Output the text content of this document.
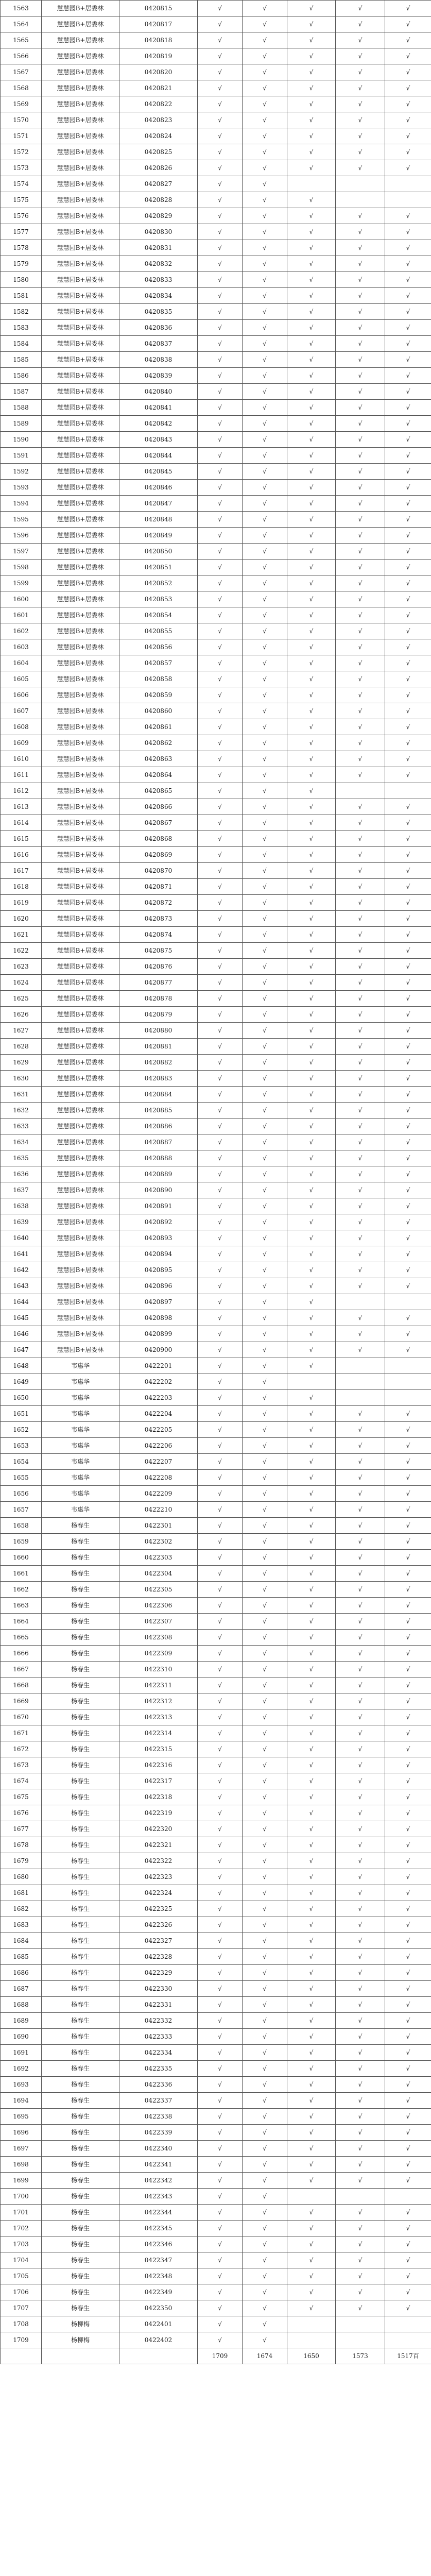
1563	慧慧园B+居委林	0420815	√	√	√	√	√
1564	慧慧园B+居委林	0420817	√	√	√	√	√
1565	慧慧园B+居委林	0420818	√	√	√	√	√
1566	慧慧园B+居委林	0420819	√	√	√	√	√
1567	慧慧园B+居委林	0420820	√	√	√	√	√
1568	慧慧园B+居委林	0420821	√	√	√	√	√
1569	慧慧园B+居委林	0420822	√	√	√	√	√
1570	慧慧园B+居委林	0420823	√	√	√	√	√
1571	慧慧园B+居委林	0420824	√	√	√	√	√
1572	慧慧园B+居委林	0420825	√	√	√	√	√
1573	慧慧园B+居委林	0420826	√	√	√	√	√
1574	慧慧园B+居委林	0420827	√	√			
1575	慧慧园B+居委林	0420828	√	√	√		
1576	慧慧园B+居委林	0420829	√	√	√	√	√
1577	慧慧园B+居委林	0420830	√	√	√	√	√
1578	慧慧园B+居委林	0420831	√	√	√	√	√
1579	慧慧园B+居委林	0420832	√	√	√	√	√
1580	慧慧园B+居委林	0420833	√	√	√	√	√
1581	慧慧园B+居委林	0420834	√	√	√	√	√
1582	慧慧园B+居委林	0420835	√	√	√	√	√
1583	慧慧园B+居委林	0420836	√	√	√	√	√
1584	慧慧园B+居委林	0420837	√	√	√	√	√
1585	慧慧园B+居委林	0420838	√	√	√	√	√
1586	慧慧园B+居委林	0420839	√	√	√	√	√
1587	慧慧园B+居委林	0420840	√	√	√	√	√
1588	慧慧园B+居委林	0420841	√	√	√	√	√
1589	慧慧园B+居委林	0420842	√	√	√	√	√
1590	慧慧园B+居委林	0420843	√	√	√	√	√
1591	慧慧园B+居委林	0420844	√	√	√	√	√
1592	慧慧园B+居委林	0420845	√	√	√	√	√
1593	慧慧园B+居委林	0420846	√	√	√	√	√
1594	慧慧园B+居委林	0420847	√	√	√	√	√
1595	慧慧园B+居委林	0420848	√	√	√	√	√
1596	慧慧园B+居委林	0420849	√	√	√	√	√
1597	慧慧园B+居委林	0420850	√	√	√	√	√
1598	慧慧园B+居委林	0420851	√	√	√	√	√
1599	慧慧园B+居委林	0420852	√	√	√	√	√
1600	慧慧园B+居委林	0420853	√	√	√	√	√
1601	慧慧园B+居委林	0420854	√	√	√	√	√
1602	慧慧园B+居委林	0420855	√	√	√	√	√
1603	慧慧园B+居委林	0420856	√	√	√	√	√
1604	慧慧园B+居委林	0420857	√	√	√	√	√
1605	慧慧园B+居委林	0420858	√	√	√	√	√
1606	慧慧园B+居委林	0420859	√	√	√	√	√
1607	慧慧园B+居委林	0420860	√	√	√	√	√
1608	慧慧园B+居委林	0420861	√	√	√	√	√
1609	慧慧园B+居委林	0420862	√	√	√	√	√
1610	慧慧园B+居委林	0420863	√	√	√	√	√
1611	慧慧园B+居委林	0420864	√	√	√	√	√
1612	慧慧园B+居委林	0420865	√	√	√		
1613	慧慧园B+居委林	0420866	√	√	√	√	√
1614	慧慧园B+居委林	0420867	√	√	√	√	√
1615	慧慧园B+居委林	0420868	√	√	√	√	√
1616	慧慧园B+居委林	0420869	√	√	√	√	√
1617	慧慧园B+居委林	0420870	√	√	√	√	√
1618	慧慧园B+居委林	0420871	√	√	√	√	√
1619	慧慧园B+居委林	0420872	√	√	√	√	√
1620	慧慧园B+居委林	0420873	√	√	√	√	√
1621	慧慧园B+居委林	0420874	√	√	√	√	√
1622	慧慧园B+居委林	0420875	√	√	√	√	√
1623	慧慧园B+居委林	0420876	√	√	√	√	√
1624	慧慧园B+居委林	0420877	√	√	√	√	√
1625	慧慧园B+居委林	0420878	√	√	√	√	√
1626	慧慧园B+居委林	0420879	√	√	√	√	√
1627	慧慧园B+居委林	0420880	√	√	√	√	√
1628	慧慧园B+居委林	0420881	√	√	√	√	√
1629	慧慧园B+居委林	0420882	√	√	√	√	√
1630	慧慧园B+居委林	0420883	√	√	√	√	√
1631	慧慧园B+居委林	0420884	√	√	√	√	√
1632	慧慧园B+居委林	0420885	√	√	√	√	√
1633	慧慧园B+居委林	0420886	√	√	√	√	√
1634	慧慧园B+居委林	0420887	√	√	√	√	√
1635	慧慧园B+居委林	0420888	√	√	√	√	√
1636	慧慧园B+居委林	0420889	√	√	√	√	√
1637	慧慧园B+居委林	0420890	√	√	√	√	√
1638	慧慧园B+居委林	0420891	√	√	√	√	√
1639	慧慧园B+居委林	0420892	√	√	√	√	√
1640	慧慧园B+居委林	0420893	√	√	√	√	√
1641	慧慧园B+居委林	0420894	√	√	√	√	√
1642	慧慧园B+居委林	0420895	√	√	√	√	√
1643	慧慧园B+居委林	0420896	√	√	√	√	√
1644	慧慧园B+居委林	0420897	√	√	√		
1645	慧慧园B+居委林	0420898	√	√	√	√	√
1646	慧慧园B+居委林	0420899	√	√	√	√	√
1647	慧慧园B+居委林	0420900	√	√	√	√	√
1648	韦惠华	0422201	√	√	√		
1649	韦惠华	0422202	√	√			
1650	韦惠华	0422203	√	√	√		
1651	韦惠华	0422204	√	√	√	√	√
1652	韦惠华	0422205	√	√	√	√	√
1653	韦惠华	0422206	√	√	√	√	√
1654	韦惠华	0422207	√	√	√	√	√
1655	韦惠华	0422208	√	√	√	√	√
1656	韦惠华	0422209	√	√	√	√	√
1657	韦惠华	0422210	√	√	√	√	√
1658	杨春生	0422301	√	√	√	√	√
1659	杨春生	0422302	√	√	√	√	√
1660	杨春生	0422303	√	√	√	√	√
1661	杨春生	0422304	√	√	√	√	√
1662	杨春生	0422305	√	√	√	√	√
1663	杨春生	0422306	√	√	√	√	√
1664	杨春生	0422307	√	√	√	√	√
1665	杨春生	0422308	√	√	√	√	√
1666	杨春生	0422309	√	√	√	√	√
1667	杨春生	0422310	√	√	√	√	√
1668	杨春生	0422311	√	√	√	√	√
1669	杨春生	0422312	√	√	√	√	√
1670	杨春生	0422313	√	√	√	√	√
1671	杨春生	0422314	√	√	√	√	√
1672	杨春生	0422315	√	√	√	√	√
1673	杨春生	0422316	√	√	√	√	√
1674	杨春生	0422317	√	√	√	√	√
1675	杨春生	0422318	√	√	√	√	√
1676	杨春生	0422319	√	√	√	√	√
1677	杨春生	0422320	√	√	√	√	√
1678	杨春生	0422321	√	√	√	√	√
1679	杨春生	0422322	√	√	√	√	√
1680	杨春生	0422323	√	√	√	√	√
1681	杨春生	0422324	√	√	√	√	√
1682	杨春生	0422325	√	√	√	√	√
1683	杨春生	0422326	√	√	√	√	√
1684	杨春生	0422327	√	√	√	√	√
1685	杨春生	0422328	√	√	√	√	√
1686	杨春生	0422329	√	√	√	√	√
1687	杨春生	0422330	√	√	√	√	√
1688	杨春生	0422331	√	√	√	√	√
1689	杨春生	0422332	√	√	√	√	√
1690	杨春生	0422333	√	√	√	√	√
1691	杨春生	0422334	√	√	√	√	√
1692	杨春生	0422335	√	√	√	√	√
1693	杨春生	0422336	√	√	√	√	√
1694	杨春生	0422337	√	√	√	√	√
1695	杨春生	0422338	√	√	√	√	√
1696	杨春生	0422339	√	√	√	√	√
1697	杨春生	0422340	√	√	√	√	√
1698	杨春生	0422341	√	√	√	√	√
1699	杨春生	0422342	√	√	√	√	√
1700	杨春生	0422343	√	√			
1701	杨春生	0422344	√	√	√	√	√
1702	杨春生	0422345	√	√	√	√	√
1703	杨春生	0422346	√	√	√	√	√
1704	杨春生	0422347	√	√	√	√	√
1705	杨春生	0422348	√	√	√	√	√
1706	杨春生	0422349	√	√	√	√	√
1707	杨春生	0422350	√	√	√	√	√
1708	杨柳梅	0422401	√	√			
1709	杨柳梅	0422402	√	√			
			1709	1674	1650	1573	1517百
